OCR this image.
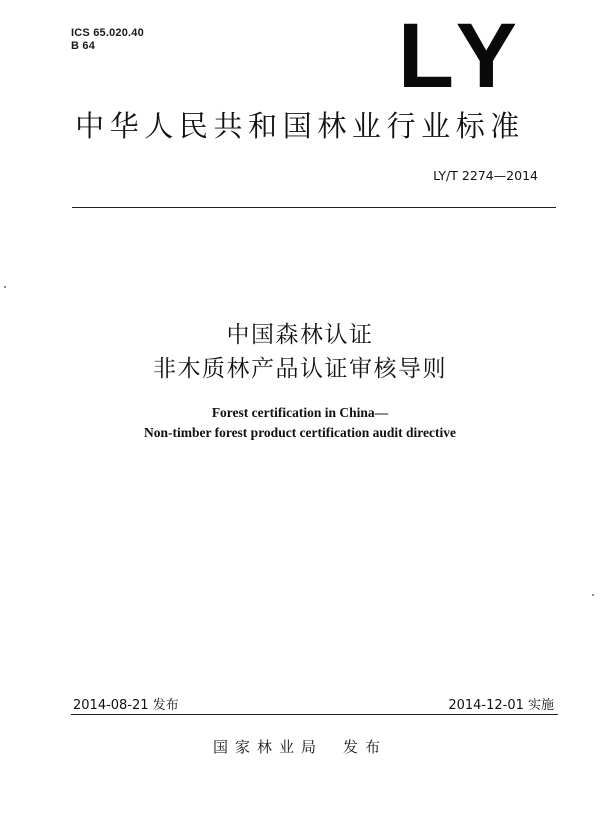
ICS 65.020.40
B 64	LY
中华人民共和国林业行业标准
LY/T 2274—2014
中国森林认证
非木质林产品认证审核导则
Forest certification in China—
Non-timber forest product certification audit directive
2014-08-21 发布	2014-12-01 实施
国家林业局 发布
